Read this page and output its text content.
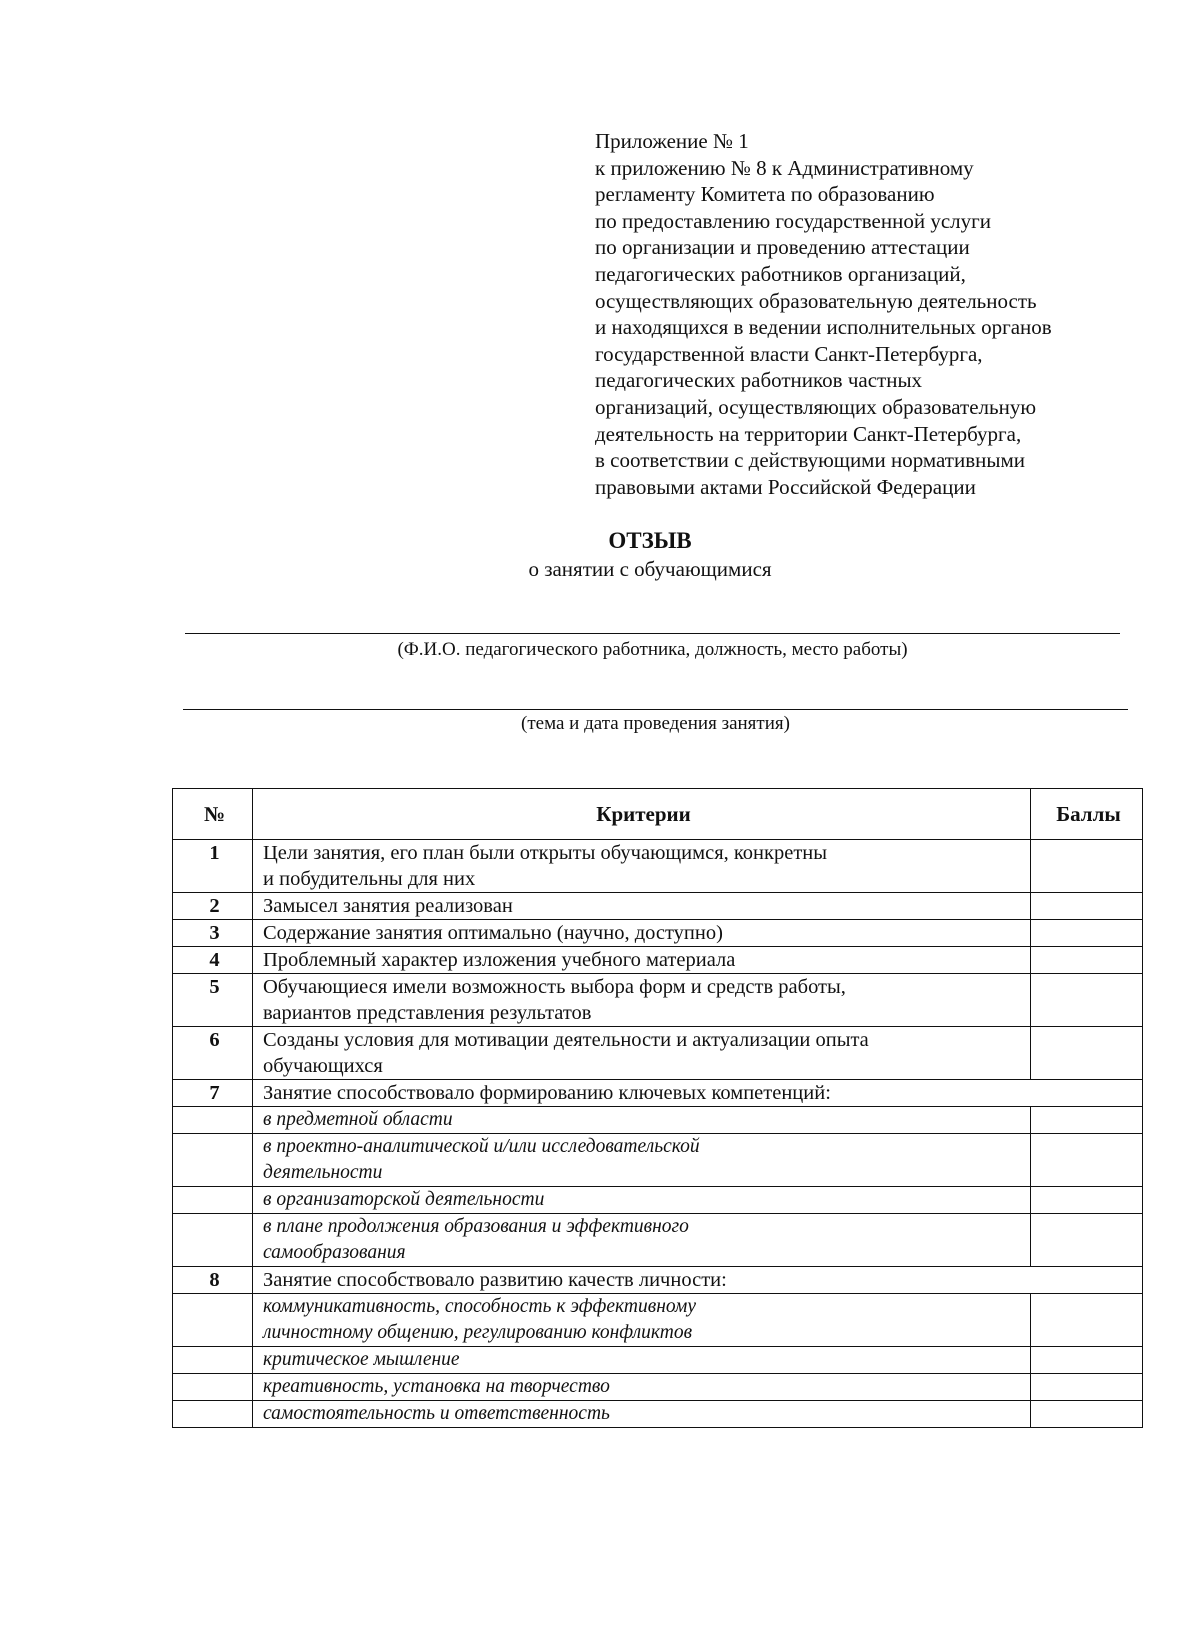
Приложение № 1
к приложению № 8 к Административному
регламенту Комитета по образованию
по предоставлению государственной услуги
по организации и проведению аттестации
педагогических работников организаций,
осуществляющих образовательную деятельность
и находящихся в ведении исполнительных органов
государственной власти Санкт-Петербурга,
педагогических работников частных
организаций, осуществляющих образовательную
деятельность на территории Санкт-Петербурга,
в соответствии с действующими нормативными
правовыми актами Российской Федерации
ОТЗЫВ
о занятии с обучающимися
(Ф.И.О. педагогического работника, должность, место работы)
(тема и дата проведения занятия)
№	Критерии	Баллы
1	Цели занятия, его план были открыты обучающимся, конкретны
и побудительны для них	

2	Замысел занятия реализован	

3	Содержание занятия оптимально (научно, доступно)	

4	Проблемный характер изложения учебного материала	

5	Обучающиеся имели возможность выбора форм и средств работы,
вариантов представления результатов	

6	Созданы условия для мотивации деятельности и актуализации опыта
обучающихся	

7	Занятие способствовало формированию ключевых компетенций:	

	в предметной области	

	в проектно-аналитической и/или исследовательской
деятельности	

	в организаторской деятельности	

	в плане продолжения образования и эффективного
самообразования	

8	Занятие способствовало развитию качеств личности:	

	коммуникативность, способность к эффективному
личностному общению, регулированию конфликтов	

	критическое мышление	

	креативность, установка на творчество	

	самостоятельность и ответственность	
